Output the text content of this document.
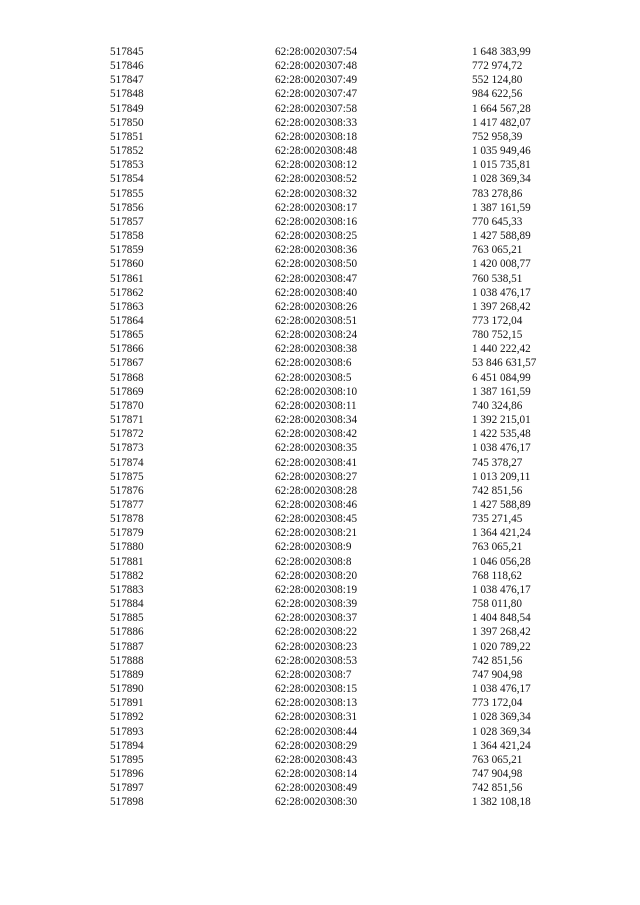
517845	62:28:0020307:54	1 648 383,99
517846	62:28:0020307:48	772 974,72
517847	62:28:0020307:49	552 124,80
517848	62:28:0020307:47	984 622,56
517849	62:28:0020307:58	1 664 567,28
517850	62:28:0020308:33	1 417 482,07
517851	62:28:0020308:18	752 958,39
517852	62:28:0020308:48	1 035 949,46
517853	62:28:0020308:12	1 015 735,81
517854	62:28:0020308:52	1 028 369,34
517855	62:28:0020308:32	783 278,86
517856	62:28:0020308:17	1 387 161,59
517857	62:28:0020308:16	770 645,33
517858	62:28:0020308:25	1 427 588,89
517859	62:28:0020308:36	763 065,21
517860	62:28:0020308:50	1 420 008,77
517861	62:28:0020308:47	760 538,51
517862	62:28:0020308:40	1 038 476,17
517863	62:28:0020308:26	1 397 268,42
517864	62:28:0020308:51	773 172,04
517865	62:28:0020308:24	780 752,15
517866	62:28:0020308:38	1 440 222,42
517867	62:28:0020308:6	53 846 631,57
517868	62:28:0020308:5	6 451 084,99
517869	62:28:0020308:10	1 387 161,59
517870	62:28:0020308:11	740 324,86
517871	62:28:0020308:34	1 392 215,01
517872	62:28:0020308:42	1 422 535,48
517873	62:28:0020308:35	1 038 476,17
517874	62:28:0020308:41	745 378,27
517875	62:28:0020308:27	1 013 209,11
517876	62:28:0020308:28	742 851,56
517877	62:28:0020308:46	1 427 588,89
517878	62:28:0020308:45	735 271,45
517879	62:28:0020308:21	1 364 421,24
517880	62:28:0020308:9	763 065,21
517881	62:28:0020308:8	1 046 056,28
517882	62:28:0020308:20	768 118,62
517883	62:28:0020308:19	1 038 476,17
517884	62:28:0020308:39	758 011,80
517885	62:28:0020308:37	1 404 848,54
517886	62:28:0020308:22	1 397 268,42
517887	62:28:0020308:23	1 020 789,22
517888	62:28:0020308:53	742 851,56
517889	62:28:0020308:7	747 904,98
517890	62:28:0020308:15	1 038 476,17
517891	62:28:0020308:13	773 172,04
517892	62:28:0020308:31	1 028 369,34
517893	62:28:0020308:44	1 028 369,34
517894	62:28:0020308:29	1 364 421,24
517895	62:28:0020308:43	763 065,21
517896	62:28:0020308:14	747 904,98
517897	62:28:0020308:49	742 851,56
517898	62:28:0020308:30	1 382 108,18
